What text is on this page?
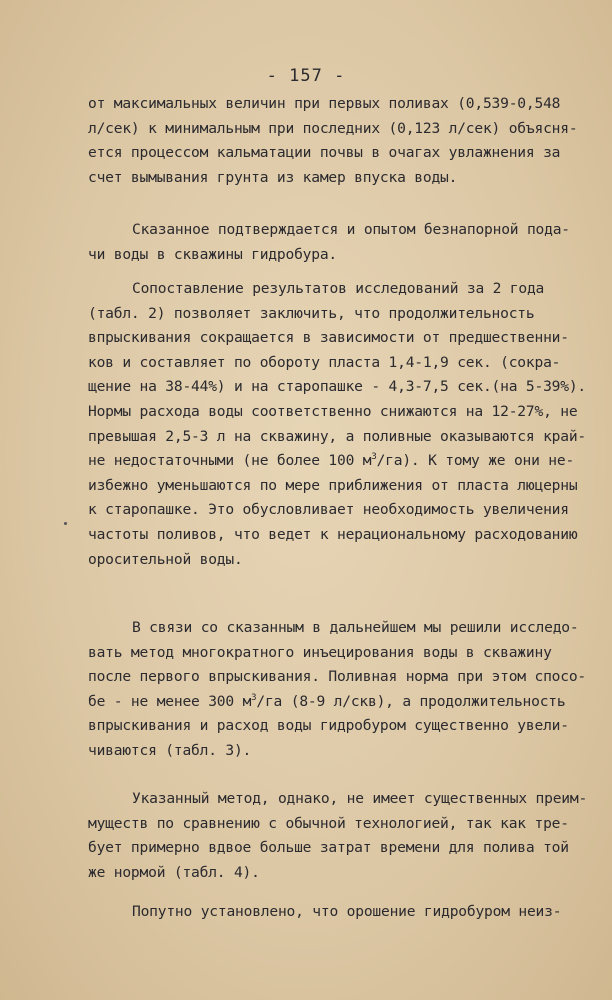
- 157 -
от максимальных величин при первых поливах (0,539-0,548
л/сек) к минимальным при последних (0,123 л/сек) объясня-
ется процессом кальматации почвы в очагах увлажнения за
счет вымывания грунта из камер впуска воды.
Сказанное подтверждается и опытом безнапорной пода-
чи воды в скважины гидробура.
Сопоставление результатов исследований за 2 года
(табл. 2) позволяет заключить, что продолжительность
впрыскивания сокращается в зависимости от предшественни-
ков и составляет по обороту пласта 1,4-1,9 сек. (сокра-
щение на 38-44%) и на старопашке - 4,3-7,5 сек.(на 5-39%).
Нормы расхода воды соответственно снижаются на 12-27%, не
превышая 2,5-3 л на скважину, а поливные оказываются край-
не недостаточными (не более 100 $м^3/га$). К тому же они не-
избежно уменьшаются по мере приближения от пласта люцерны
к старопашке. Это обусловливает необходимость увеличения
частоты поливов, что ведет к нерациональному расходованию
оросительной воды.
В связи со сказанным в дальнейшем мы решили исследо-
вать метод многократного инъецирования воды в скважину
после первого впрыскивания. Поливная норма при этом спосо-
бе - не менее 300 $м^3/га$ (8-9 л/скв), а продолжительность
впрыскивания и расход воды гидробуром существенно увели-
чиваются (табл. 3).
Указанный метод, однако, не имеет существенных преим-
муществ по сравнению с обычной технологией, так как тре-
бует примерно вдвое больше затрат времени для полива той
же нормой (табл. 4).
Попутно установлено, что орошение гидробуром неиз-
